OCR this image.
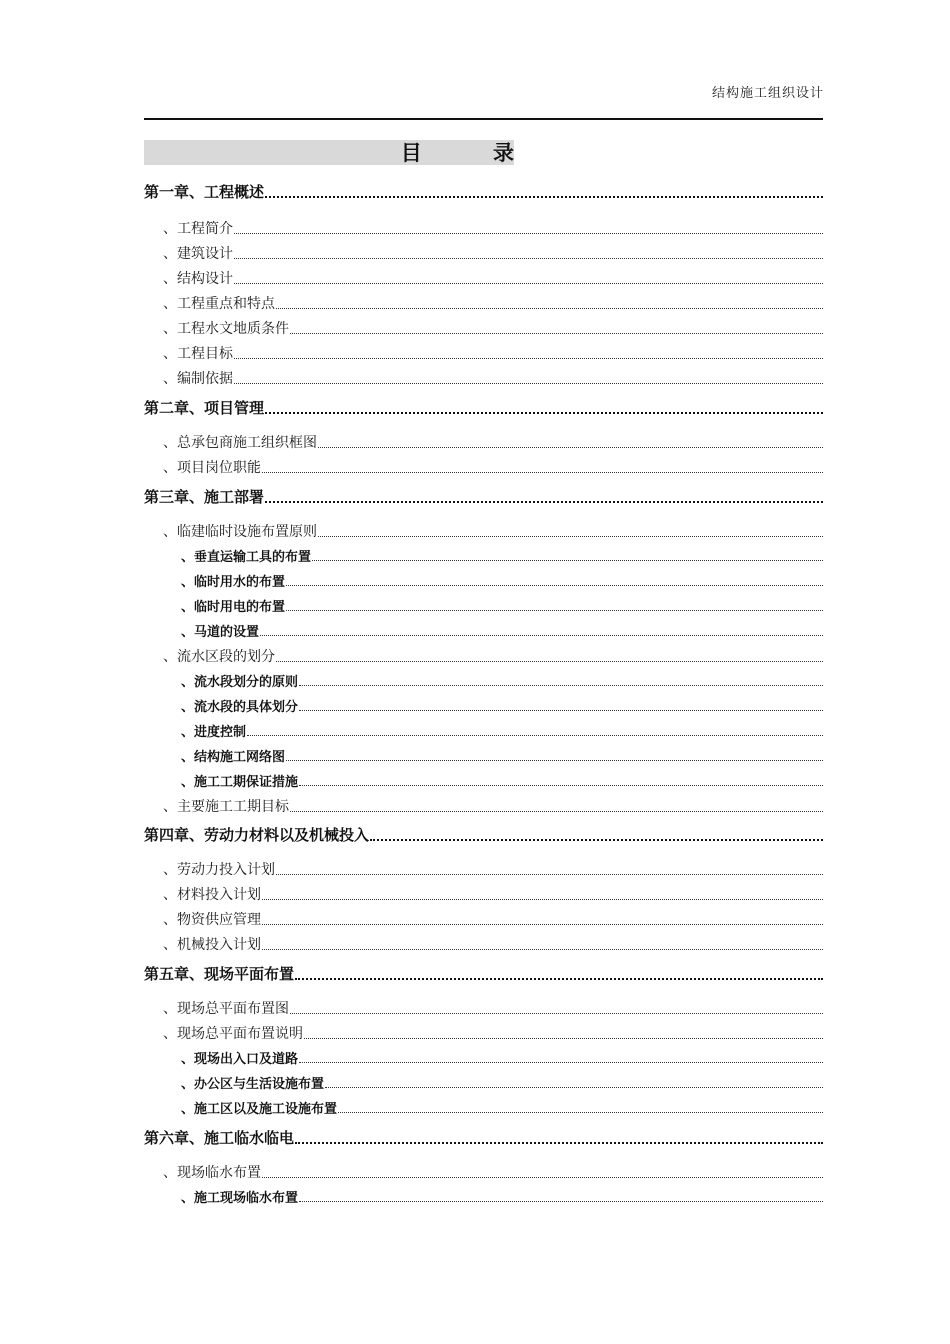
结构施工组织设计
目 录
第一章、工程概述
、工程简介
、建筑设计
、结构设计
、工程重点和特点
、工程水文地质条件
、工程目标
、编制依据
第二章、项目管理
、总承包商施工组织框图
、项目岗位职能
第三章、施工部署
、临建临时设施布置原则
、垂直运输工具的布置
、临时用水的布置
、临时用电的布置
、马道的设置
、流水区段的划分
、流水段划分的原则
、流水段的具体划分
、进度控制
、结构施工网络图
、施工工期保证措施
、主要施工工期目标
第四章、劳动力材料以及机械投入
、劳动力投入计划
、材料投入计划
、物资供应管理
、机械投入计划
第五章、现场平面布置
、现场总平面布置图
、现场总平面布置说明
、现场出入口及道路
、办公区与生活设施布置
、施工区以及施工设施布置
第六章、施工临水临电
、现场临水布置
、施工现场临水布置
